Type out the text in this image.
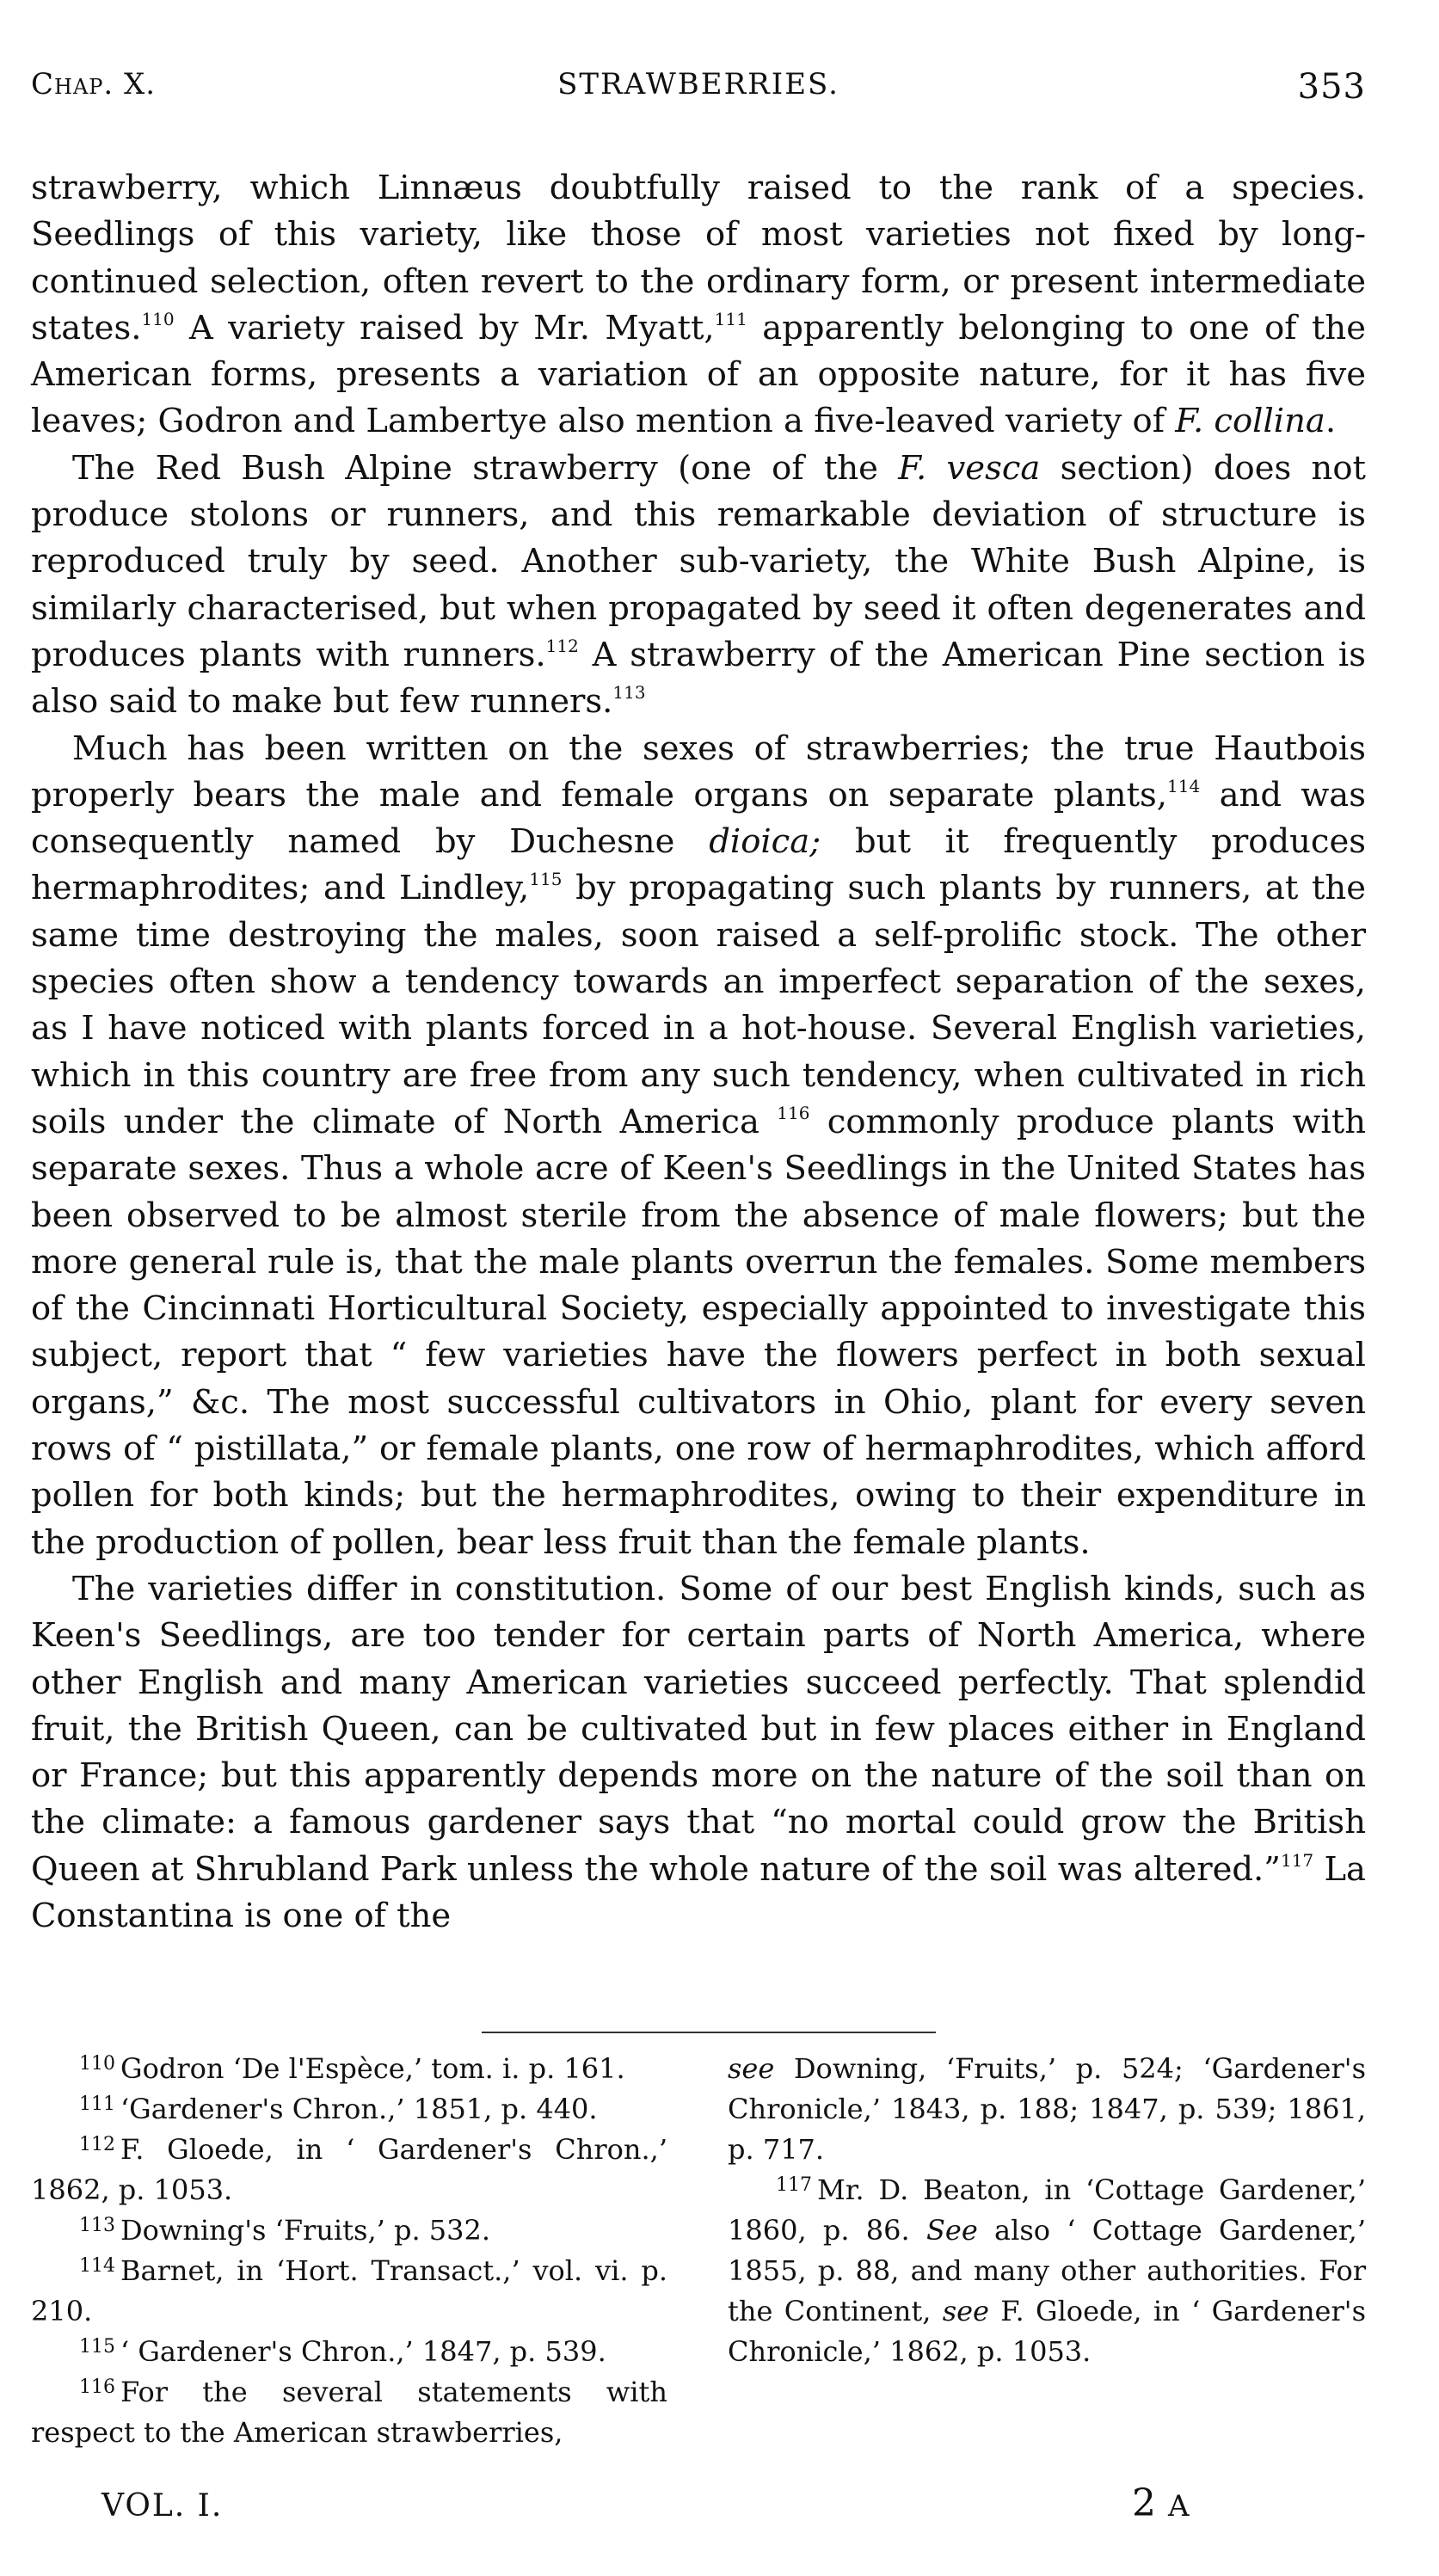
Chap. X.	STRAWBERRIES.	353

strawberry, which Linnæus doubtfully raised to the rank of a species. Seedlings of this variety, like those of most varieties not fixed by long-continued selection, often revert to the ordinary form, or present intermediate states.$^{110}$ A variety raised by Mr. Myatt,$^{111}$ apparently belonging to one of the American forms, presents a variation of an opposite nature, for it has five leaves; Godron and Lambertye also mention a five-leaved variety of F. collina.

The Red Bush Alpine strawberry (one of the F. vesca section) does not produce stolons or runners, and this remarkable deviation of structure is reproduced truly by seed. Another sub-variety, the White Bush Alpine, is similarly characterised, but when propagated by seed it often degenerates and produces plants with runners.$^{112}$ A strawberry of the American Pine section is also said to make but few runners.$^{113}$

Much has been written on the sexes of strawberries; the true Hautbois properly bears the male and female organs on separate plants,$^{114}$ and was consequently named by Duchesne dioica; but it frequently produces hermaphrodites; and Lindley,$^{115}$ by propagating such plants by runners, at the same time destroying the males, soon raised a self-prolific stock. The other species often show a tendency towards an imperfect separation of the sexes, as I have noticed with plants forced in a hot-house. Several English varieties, which in this country are free from any such tendency, when cultivated in rich soils under the climate of North America $^{116}$ commonly produce plants with separate sexes. Thus a whole acre of Keen's Seedlings in the United States has been observed to be almost sterile from the absence of male flowers; but the more general rule is, that the male plants overrun the females. Some members of the Cincinnati Horticultural Society, especially appointed to investigate this subject, report that “ few varieties have the flowers perfect in both sexual organs,” &c. The most successful cultivators in Ohio, plant for every seven rows of “ pistillata,” or female plants, one row of hermaphrodites, which afford pollen for both kinds; but the hermaphrodites, owing to their expenditure in the production of pollen, bear less fruit than the female plants.

The varieties differ in constitution. Some of our best English kinds, such as Keen's Seedlings, are too tender for certain parts of North America, where other English and many American varieties succeed perfectly. That splendid fruit, the British Queen, can be cultivated but in few places either in England or France; but this apparently depends more on the nature of the soil than on the climate: a famous gardener says that “no mortal could grow the British Queen at Shrubland Park unless the whole nature of the soil was altered.”$^{117}$ La Constantina is one of the

$^{110}$ Godron ‘De l'Espèce,’ tom. i. p. 161.

$^{111}$ ‘Gardener's Chron.,’ 1851, p. 440.

$^{112}$ F. Gloede, in ‘ Gardener's Chron.,’ 1862, p. 1053.

$^{113}$ Downing's ‘Fruits,’ p. 532.

$^{114}$ Barnet, in ‘Hort. Transact.,’ vol. vi. p. 210.

$^{115}$ ‘ Gardener's Chron.,’ 1847, p. 539.

$^{116}$ For the several statements with respect to the American strawberries,

see Downing, ‘Fruits,’ p. 524; ‘Gardener's Chronicle,’ 1843, p. 188; 1847, p. 539; 1861, p. 717.

$^{117}$ Mr. D. Beaton, in ‘Cottage Gardener,’ 1860, p. 86. See also ‘ Cottage Gardener,’ 1855, p. 88, and many other authorities. For the Continent, see F. Gloede, in ‘ Gardener's Chronicle,’ 1862, p. 1053.

VOL. I.	2 A
